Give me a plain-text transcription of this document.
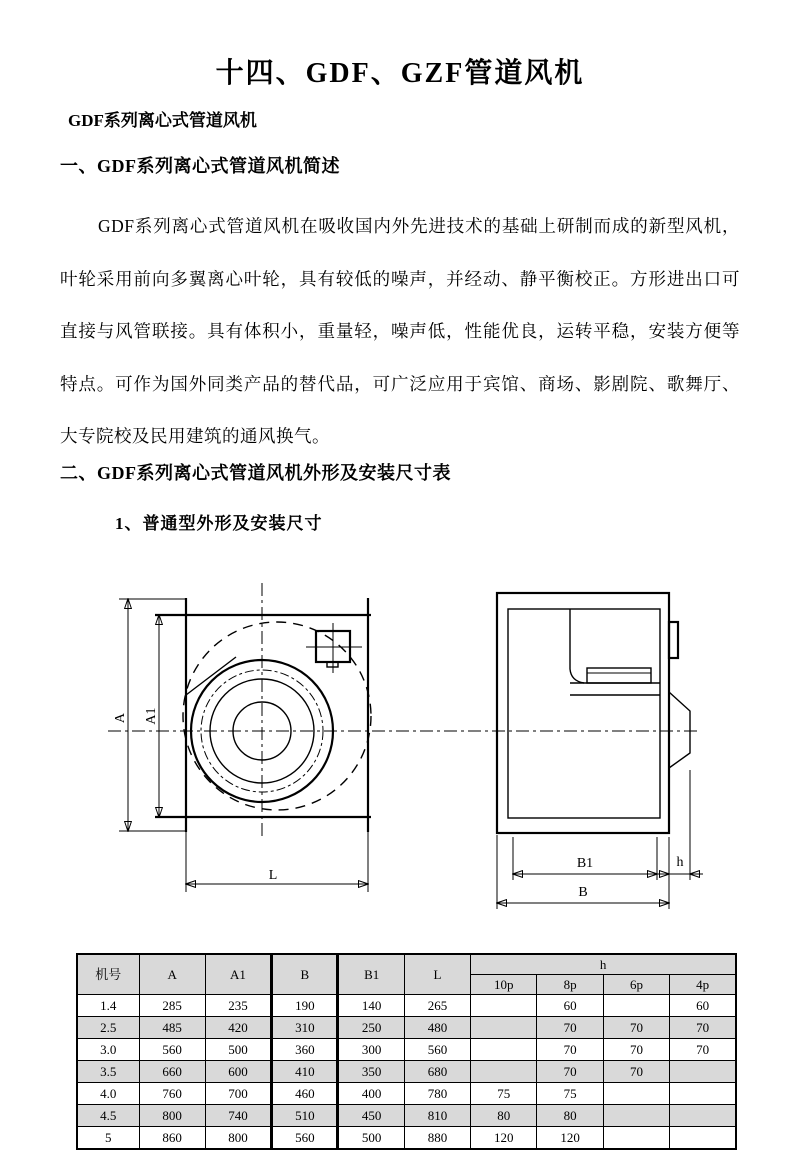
十四、GDF、GZF管道风机
GDF系列离心式管道风机
一、GDF系列离心式管道风机简述

GDF系列离心式管道风机在吸收国内外先进技术的基础上研制而成的新型风机，叶轮采用前向多翼离心叶轮，具有较低的噪声，并经动、静平衡校正。方形进出口可直接与风管联接。具有体积小，重量轻，噪声低，性能优良，运转平稳，安装方便等特点。可作为国外同类产品的替代品，可广泛应用于宾馆、商场、影剧院、歌舞厅、大专院校及民用建筑的通风换气。

二、GDF系列离心式管道风机外形及安装尺寸表
1、普通型外形及安装尺寸
A A1
L
B1	h
B
机号	A	A1	B	B1	L	h			
						10p	8p	6p	4p
1.4	285	235	190	140	265		60		60
2.5	485	420	310	250	480		70	70	70
3.0	560	500	360	300	560		70	70	70
3.5	660	600	410	350	680		70	70	
4.0	760	700	460	400	780	75	75		
4.5	800	740	510	450	810	80	80		
5	860	800	560	500	880	120	120		
